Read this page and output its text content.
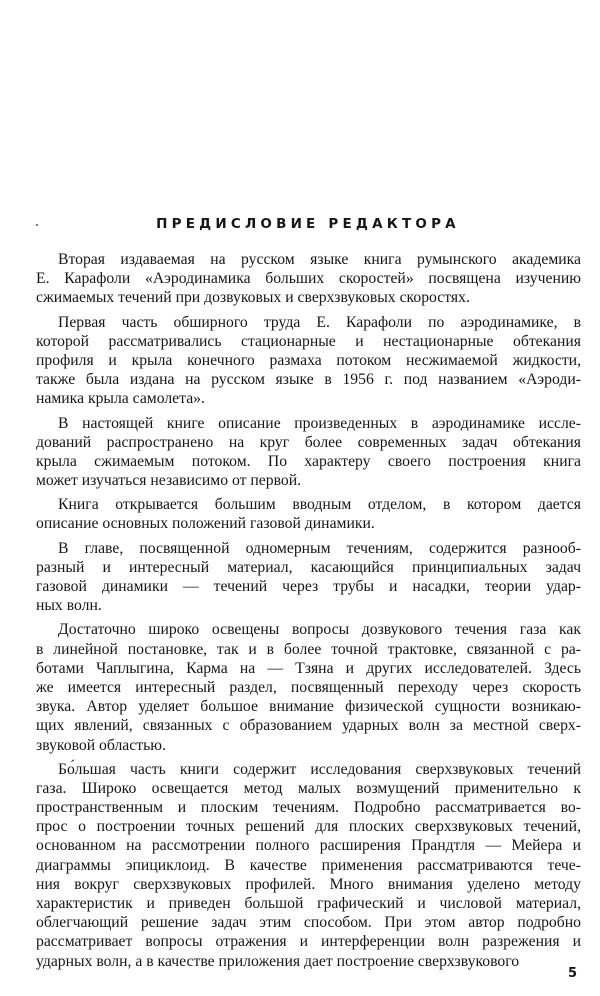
ПРЕДИСЛОВИЕ РЕДАКТОРА
Вторая издаваемая на русском языке книга румынского академика
Е. Карафоли «Аэродинамика больших скоростей» посвящена изучению
сжимаемых течений при дозвуковых и сверхзвуковых скоростях.
Первая часть обширного труда Е. Карафоли по аэродинамике, в
которой рассматривались стационарные и нестационарные обтекания
профиля и крыла конечного размаха потоком несжимаемой жидкости,
также была издана на русском языке в 1956 г. под названием «Аэроди-
намика крыла самолета».
В настоящей книге описание произведенных в аэродинамике иссле-
дований распространено на круг более современных задач обтекания
крыла сжимаемым потоком. По характеру своего построения книга
может изучаться независимо от первой.
Книга открывается большим вводным отделом, в котором дается
описание основных положений газовой динамики.
В главе, посвященной одномерным течениям, содержится разнооб-
разный и интересный материал, касающийся принципиальных задач
газовой динамики — течений через трубы и насадки, теории удар-
ных волн.
Достаточно широко освещены вопросы дозвукового течения газа как
в линейной постановке, так и в более точной трактовке, связанной с ра-
ботами Чаплыгина, Карма на — Тзяна и других исследователей. Здесь
же имеется интересный раздел, посвященный переходу через скорость
звука. Автор уделяет большое внимание физической сущности возникаю-
щих явлений, связанных с образованием ударных волн за местной сверх-
звуковой областью.
Бо́льшая часть книги содержит исследования сверхзвуковых течений
газа. Широко освещается метод малых возмущений применительно к
пространственным и плоским течениям. Подробно рассматривается во-
прос о построении точных решений для плоских сверхзвуковых течений,
основанном на рассмотрении полного расширения Прандтля — Мейера и
диаграммы эпициклоид. В качестве применения рассматриваются тече-
ния вокруг сверхзвуковых профилей. Много внимания уделено методу
характеристик и приведен большой графический и числовой материал,
облегчающий решение задач этим способом. При этом автор подробно
рассматривает вопросы отражения и интерференции волн разрежения и
ударных волн, а в качестве приложения дает построение сверхзвукового
5
